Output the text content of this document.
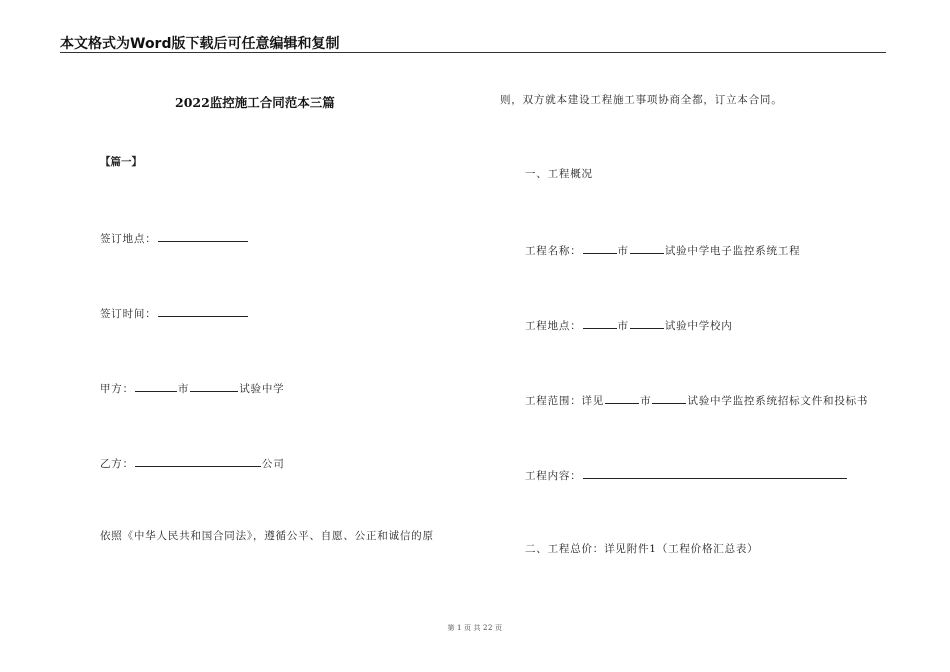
本文格式为Word版下载后可任意编辑和复制
2022监控施工合同范本三篇
【篇一】
签订地点：
签订时间：
甲方：	市	试验中学
乙方：	公司
依照《中华人民共和国合同法》，遵循公平、自愿、公正和诚信的原
则，双方就本建设工程施工事项协商全都，订立本合同。
一、工程概况
工程名称：	市	试验中学电子监控系统工程
工程地点：	市	试验中学校内
工程范围：详见	市	试验中学监控系统招标文件和投标书
工程内容：
二、工程总价：详见附件1（工程价格汇总表）
第 1 页 共 22 页
